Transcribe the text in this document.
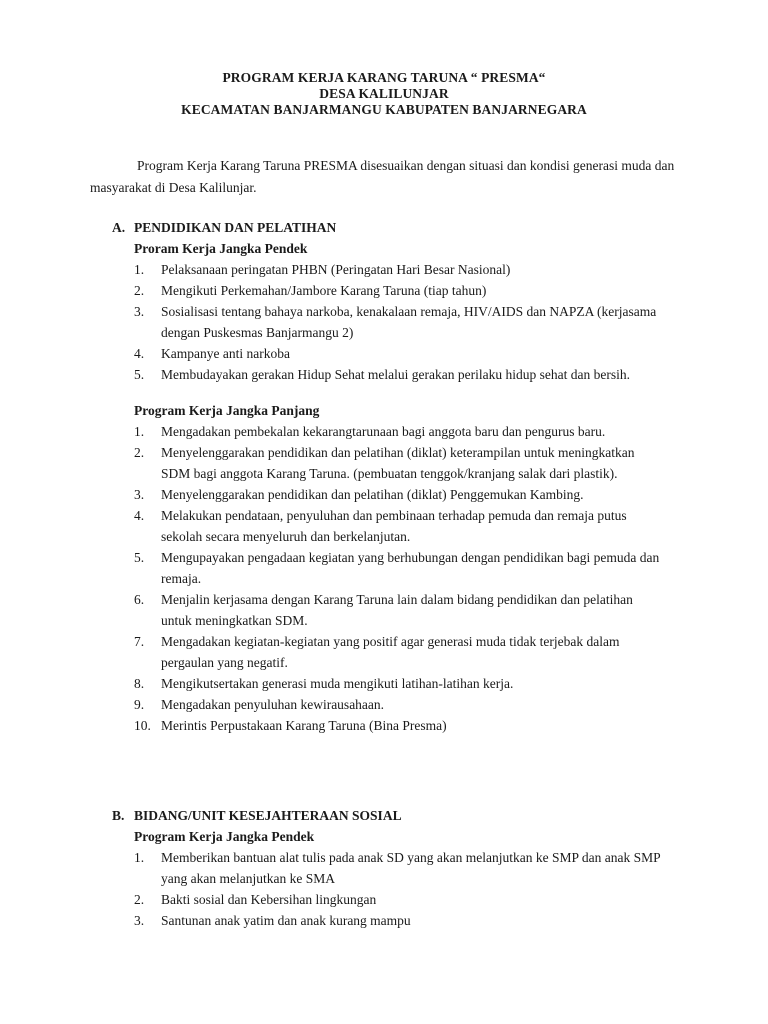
PROGRAM KERJA KARANG TARUNA “ PRESMA“
DESA KALILUNJAR
KECAMATAN BANJARMANGU KABUPATEN BANJARNEGARA
Program Kerja Karang Taruna PRESMA disesuaikan dengan situasi dan kondisi generasi muda dan masyarakat di Desa Kalilunjar.
A. PENDIDIKAN DAN PELATIHAN
Proram Kerja Jangka Pendek
1. Pelaksanaan peringatan PHBN (Peringatan Hari Besar Nasional)
2. Mengikuti Perkemahan/Jambore Karang Taruna (tiap tahun)
3. Sosialisasi tentang bahaya narkoba, kenakalaan remaja, HIV/AIDS dan NAPZA (kerjasama dengan Puskesmas Banjarmangu 2)
4. Kampanye anti narkoba
5. Membudayakan gerakan Hidup Sehat melalui gerakan perilaku hidup sehat dan bersih.
Program Kerja Jangka Panjang
1. Mengadakan pembekalan kekarangtarunaan bagi anggota baru dan pengurus baru.
2. Menyelenggarakan pendidikan dan pelatihan (diklat) keterampilan untuk meningkatkan SDM bagi anggota Karang Taruna. (pembuatan tenggok/kranjang salak dari plastik).
3. Menyelenggarakan pendidikan dan pelatihan (diklat) Penggemukan Kambing.
4. Melakukan pendataan, penyuluhan dan pembinaan terhadap pemuda dan remaja putus sekolah secara menyeluruh dan berkelanjutan.
5. Mengupayakan pengadaan kegiatan yang berhubungan dengan pendidikan bagi pemuda dan remaja.
6. Menjalin kerjasama dengan Karang Taruna lain dalam bidang pendidikan dan pelatihan untuk meningkatkan SDM.
7. Mengadakan kegiatan-kegiatan yang positif agar generasi muda tidak terjebak dalam pergaulan yang negatif.
8. Mengikutsertakan generasi muda mengikuti latihan-latihan kerja.
9. Mengadakan penyuluhan kewirausahaan.
10. Merintis Perpustakaan Karang Taruna (Bina Presma)
B. BIDANG/UNIT KESEJAHTERAAN SOSIAL
Program Kerja Jangka Pendek
1. Memberikan bantuan alat tulis pada anak SD yang akan melanjutkan ke SMP dan anak SMP yang akan melanjutkan ke SMA
2. Bakti sosial dan Kebersihan lingkungan
3. Santunan anak yatim dan anak kurang mampu
